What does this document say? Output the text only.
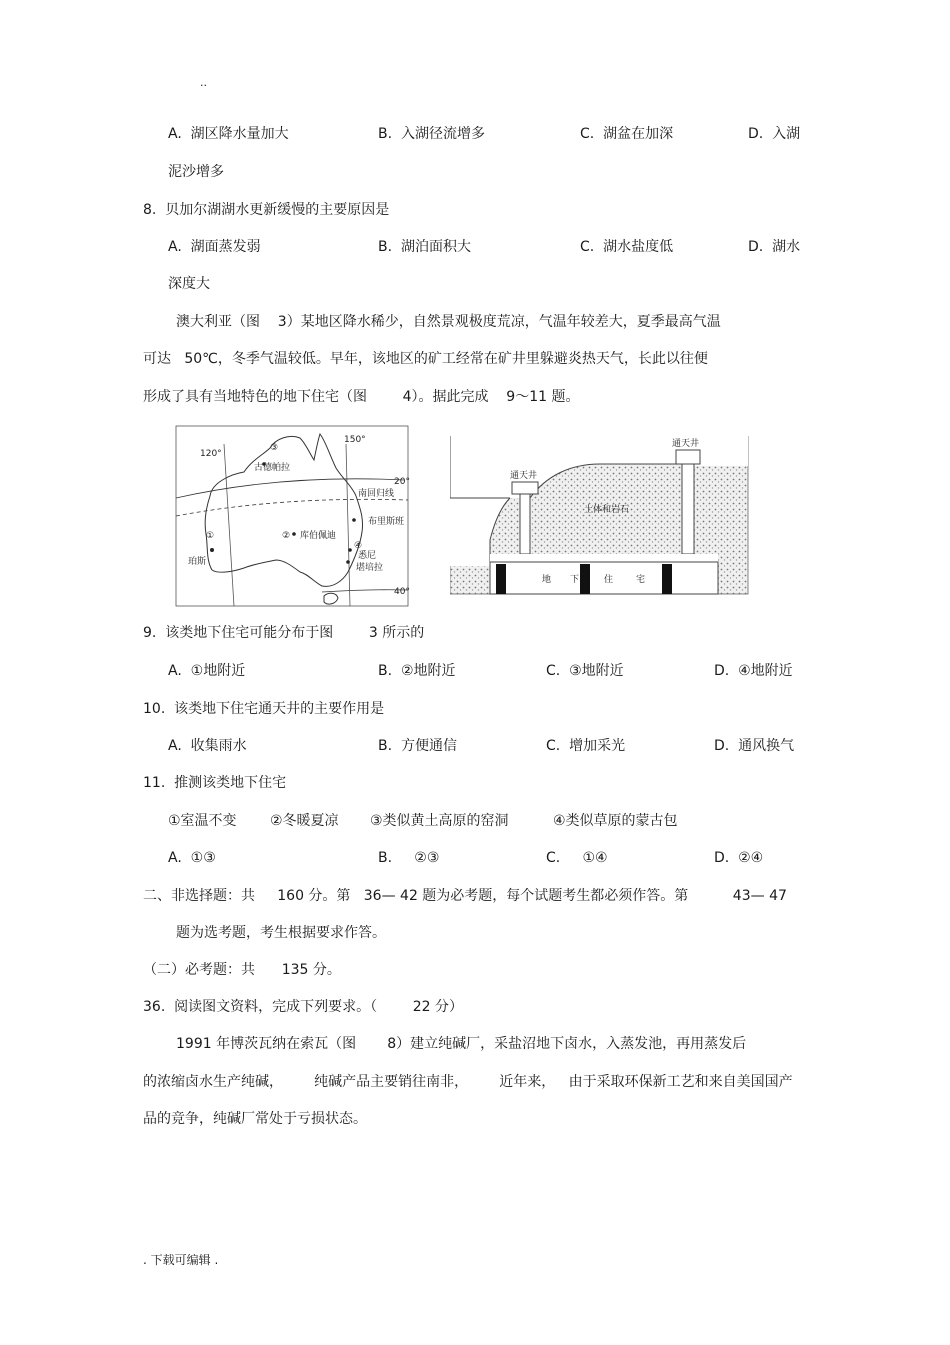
..
A.  湖区降水量加大	B.  入湖径流增多	C.  湖盆在加深	D.  入湖
泥沙增多
8.  贝加尔湖湖水更新缓慢的主要原因是
A.  湖面蒸发弱	B.  湖泊面积大	C.  湖水盐度低	D.  湖水
深度大
澳大利亚（图    3）某地区降水稀少，自然景观极度荒凉，气温年较差大，夏季最高气温
可达   50℃，冬季气温较低。早年，该地区的矿工经常在矿井里躲避炎热天气，长此以往便
形成了具有当地特色的地下住宅（图        4）。据此完成    9～11 题。
120°
150°
20°
40°
③
古德帕拉
南回归线
布里斯班
② 库伯佩迪
①
珀斯
④
悉尼
堪培拉
通天井
通天井
土体和岩石
地 下	住	宅
9.  该类地下住宅可能分布于图        3 所示的
A.  ①地附近	B.  ②地附近	C.  ③地附近	D.  ④地附近
10.  该类地下住宅通天井的主要作用是
A.  收集雨水	B.  方便通信	C.  增加采光	D.  通风换气
11.  推测该类地下住宅
①室温不变 ②冬暖夏凉 ③类似黄土高原的窑洞	④类似草原的蒙古包
A.  ①③	B.     ②③	C.     ①④	D.  ②④
二、非选择题：共     160 分。第   36— 42 题为必考题，每个试题考生都必须作答。第          43— 47
题为选考题，考生根据要求作答。
（二）必考题：共      135 分。
36.  阅读图文资料，完成下列要求。（        22 分）
1991 年博茨瓦纳在索瓦（图       8）建立纯碱厂，采盐沼地下卤水，入蒸发池，再用蒸发后
的浓缩卤水生产纯碱，       纯碱产品主要销往南非，       近年来，   由于采取环保新工艺和来自美国国产
品的竞争，纯碱厂常处于亏损状态。
. 下载可编辑 .
